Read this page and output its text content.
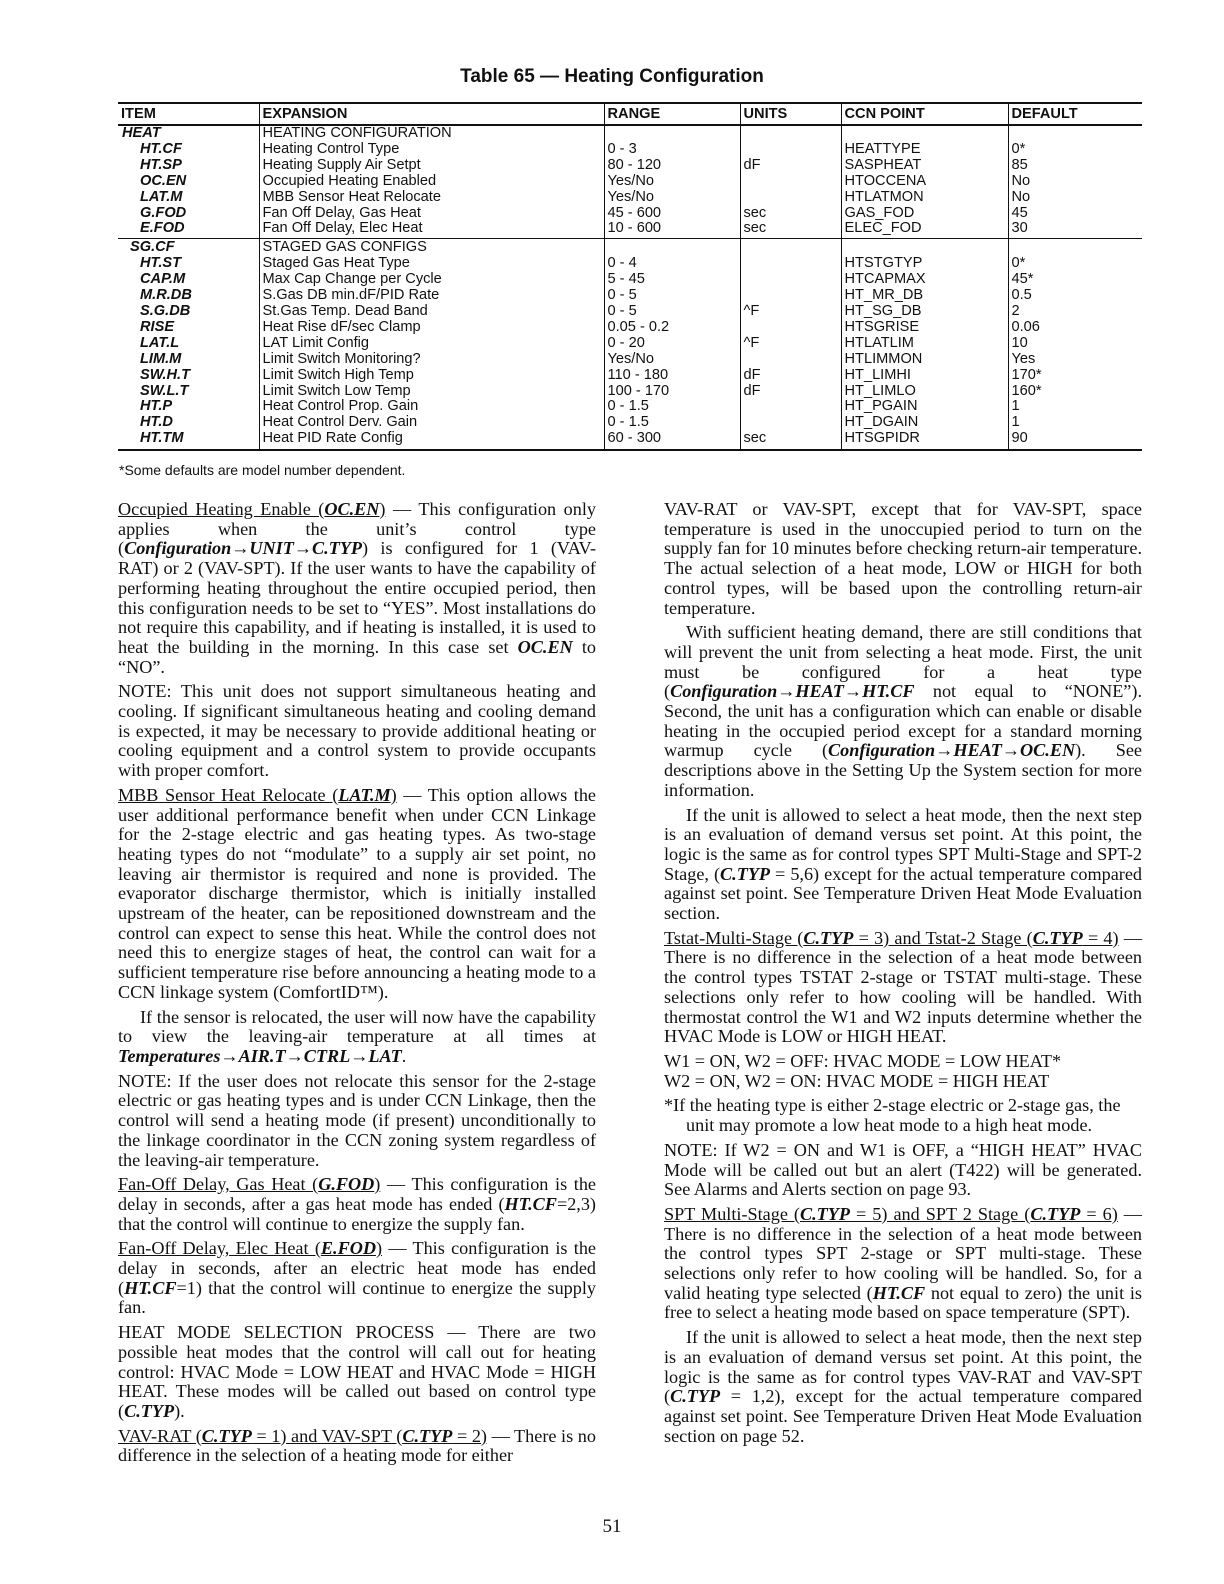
Table 65 — Heating Configuration
ITEM	EXPANSION	RANGE	UNITS	CCN POINT	DEFAULT
HEAT	HEATING CONFIGURATION				
HT.CF	Heating Control Type	0 - 3		HEATTYPE	0*
HT.SP	Heating Supply Air Setpt	80 - 120	dF	SASPHEAT	85
OC.EN	Occupied Heating Enabled	Yes/No		HTOCCENA	No
LAT.M	MBB Sensor Heat Relocate	Yes/No		HTLATMON	No
G.FOD	Fan Off Delay, Gas Heat	45 - 600	sec	GAS_FOD	45
E.FOD	Fan Off Delay, Elec Heat	10 - 600	sec	ELEC_FOD	30
SG.CF	STAGED GAS CONFIGS				
HT.ST	Staged Gas Heat Type	0 - 4		HTSTGTYP	0*
CAP.M	Max Cap Change per Cycle	5 - 45		HTCAPMAX	45*
M.R.DB	S.Gas DB min.dF/PID Rate	0 - 5		HT_MR_DB	0.5
S.G.DB	St.Gas Temp. Dead Band	0 - 5	^F	HT_SG_DB	2
RISE	Heat Rise dF/sec Clamp	0.05 - 0.2		HTSGRISE	0.06
LAT.L	LAT Limit Config	0 - 20	^F	HTLATLIM	10
LIM.M	Limit Switch Monitoring?	Yes/No		HTLIMMON	Yes
SW.H.T	Limit Switch High Temp	110 - 180	dF	HT_LIMHI	170*
SW.L.T	Limit Switch Low Temp	100 - 170	dF	HT_LIMLO	160*
HT.P	Heat Control Prop. Gain	0 - 1.5		HT_PGAIN	1
HT.D	Heat Control Derv. Gain	0 - 1.5		HT_DGAIN	1
HT.TM	Heat PID Rate Config	60 - 300	sec	HTSGPIDR	90
*Some defaults are model number dependent.

Occupied Heating Enable (OC.EN) — This configuration only applies when the unit’s control type (Configuration→UNIT→C.TYP) is configured for 1 (VAV-RAT) or 2 (VAV-SPT). If the user wants to have the capability of performing heating throughout the entire occupied period, then this configuration needs to be set to “YES”. Most installations do not require this capability, and if heating is installed, it is used to heat the building in the morning. In this case set OC.EN to “NO”.

NOTE: This unit does not support simultaneous heating and cooling. If significant simultaneous heating and cooling demand is expected, it may be necessary to provide additional heating or cooling equipment and a control system to provide occupants with proper comfort.

MBB Sensor Heat Relocate (LAT.M) — This option allows the user additional performance benefit when under CCN Linkage for the 2-stage electric and gas heating types. As two-stage heating types do not “modulate” to a supply air set point, no leaving air thermistor is required and none is provided. The evaporator discharge thermistor, which is initially installed upstream of the heater, can be repositioned downstream and the control can expect to sense this heat. While the control does not need this to energize stages of heat, the control can wait for a sufficient temperature rise before announcing a heating mode to a CCN linkage system (ComfortID™).

If the sensor is relocated, the user will now have the capability to view the leaving-air temperature at all times at Temperatures→AIR.T→CTRL→LAT.

NOTE: If the user does not relocate this sensor for the 2-stage electric or gas heating types and is under CCN Linkage, then the control will send a heating mode (if present) unconditionally to the linkage coordinator in the CCN zoning system regardless of the leaving-air temperature.

Fan-Off Delay, Gas Heat (G.FOD) — This configuration is the delay in seconds, after a gas heat mode has ended (HT.CF=2,3) that the control will continue to energize the supply fan.

Fan-Off Delay, Elec Heat (E.FOD) — This configuration is the delay in seconds, after an electric heat mode has ended (HT.CF=1) that the control will continue to energize the supply fan.

HEAT MODE SELECTION PROCESS — There are two possible heat modes that the control will call out for heating control: HVAC Mode = LOW HEAT and HVAC Mode = HIGH HEAT. These modes will be called out based on control type (C.TYP).

VAV-RAT (C.TYP = 1) and VAV-SPT (C.TYP = 2) — There is no difference in the selection of a heating mode for either

VAV-RAT or VAV-SPT, except that for VAV-SPT, space temperature is used in the unoccupied period to turn on the supply fan for 10 minutes before checking return-air temperature. The actual selection of a heat mode, LOW or HIGH for both control types, will be based upon the controlling return-air temperature.

With sufficient heating demand, there are still conditions that will prevent the unit from selecting a heat mode. First, the unit must be configured for a heat type (Configuration→HEAT→HT.CF not equal to “NONE”). Second, the unit has a configuration which can enable or disable heating in the occupied period except for a standard morning warmup cycle (Configuration→HEAT→OC.EN). See descriptions above in the Setting Up the System section for more information.

If the unit is allowed to select a heat mode, then the next step is an evaluation of demand versus set point. At this point, the logic is the same as for control types SPT Multi-Stage and SPT-2 Stage, (C.TYP = 5,6) except for the actual temperature compared against set point. See Temperature Driven Heat Mode Evaluation section.

Tstat-Multi-Stage (C.TYP = 3) and Tstat-2 Stage (C.TYP = 4) — There is no difference in the selection of a heat mode between the control types TSTAT 2-stage or TSTAT multi-stage. These selections only refer to how cooling will be handled. With thermostat control the W1 and W2 inputs determine whether the HVAC Mode is LOW or HIGH HEAT.

W1 = ON, W2 = OFF: HVAC MODE = LOW HEAT*

W2 = ON, W2 = ON: HVAC MODE = HIGH HEAT

*If the heating type is either 2-stage electric or 2-stage gas, the unit may promote a low heat mode to a high heat mode.

NOTE: If W2 = ON and W1 is OFF, a “HIGH HEAT” HVAC Mode will be called out but an alert (T422) will be generated. See Alarms and Alerts section on page 93.

SPT Multi-Stage (C.TYP = 5) and SPT 2 Stage (C.TYP = 6) — There is no difference in the selection of a heat mode between the control types SPT 2-stage or SPT multi-stage. These selections only refer to how cooling will be handled. So, for a valid heating type selected (HT.CF not equal to zero) the unit is free to select a heating mode based on space temperature (SPT).

If the unit is allowed to select a heat mode, then the next step is an evaluation of demand versus set point. At this point, the logic is the same as for control types VAV-RAT and VAV-SPT (C.TYP = 1,2), except for the actual temperature compared against set point. See Temperature Driven Heat Mode Evaluation section on page 52.

51
